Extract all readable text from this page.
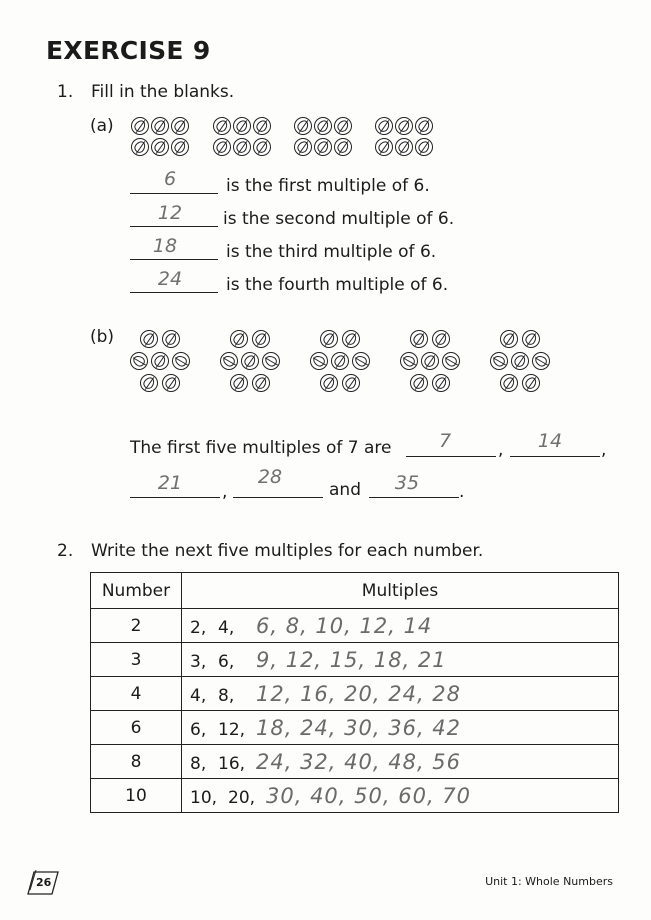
EXERCISE 9
1. Fill in the blanks.
(a)
6	is the first multiple of 6.
12	is the second multiple of 6.
18	is the third multiple of 6.
24	is the fourth multiple of 6.
(b)
The first five multiples of 7 are	7	,	14	,
21	,
28
and	35	.
2. Write the next five multiples for each number.
Number	Multiples
2	2, 4, 6, 8, 10, 12, 14
3	3, 6, 9, 12, 15, 18, 21
4	4, 8, 12, 16, 20, 24, 28
6	6, 12, 18, 24, 30, 36, 42
8	8, 16, 24, 32, 40, 48, 56
10	10, 20, 30, 40, 50, 60, 70
26	Unit 1: Whole Numbers
